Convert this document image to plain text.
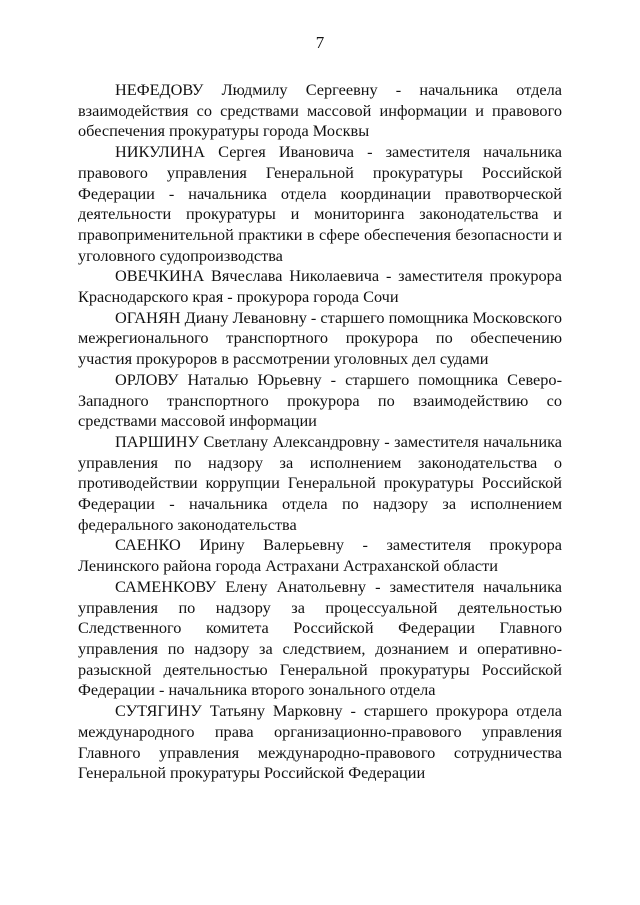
7

НЕФЕДОВУ Людмилу Сергеевну - начальника отдела взаимодействия со средствами массовой информации и правового обеспечения прокуратуры города Москвы

НИКУЛИНА Сергея Ивановича - заместителя начальника правового управления Генеральной прокуратуры Российской Федерации - начальника отдела координации правотворческой деятельности прокуратуры и мониторинга законодательства и правоприменительной практики в сфере обеспечения безопасности и уголовного судопроизводства

ОВЕЧКИНА Вячеслава Николаевича - заместителя прокурора Краснодарского края - прокурора города Сочи

ОГАНЯН Диану Левановну - старшего помощника Московского межрегионального транспортного прокурора по обеспечению участия прокуроров в рассмотрении уголовных дел судами

ОРЛОВУ Наталью Юрьевну - старшего помощника Северо-Западного транспортного прокурора по взаимодействию со средствами массовой информации

ПАРШИНУ Светлану Александровну - заместителя начальника управления по надзору за исполнением законодательства о противодействии коррупции Генеральной прокуратуры Российской Федерации - начальника отдела по надзору за исполнением федерального законодательства

САЕНКО Ирину Валерьевну - заместителя прокурора Ленинского района города Астрахани Астраханской области

САМЕНКОВУ Елену Анатольевну - заместителя начальника управления по надзору за процессуальной деятельностью Следственного комитета Российской Федерации Главного управления по надзору за следствием, дознанием и оперативно-разыскной деятельностью Генеральной прокуратуры Российской Федерации - начальника второго зонального отдела

СУТЯГИНУ Татьяну Марковну - старшего прокурора отдела международного права организационно-правового управления Главного управления международно-правового сотрудничества Генеральной прокуратуры Российской Федерации
